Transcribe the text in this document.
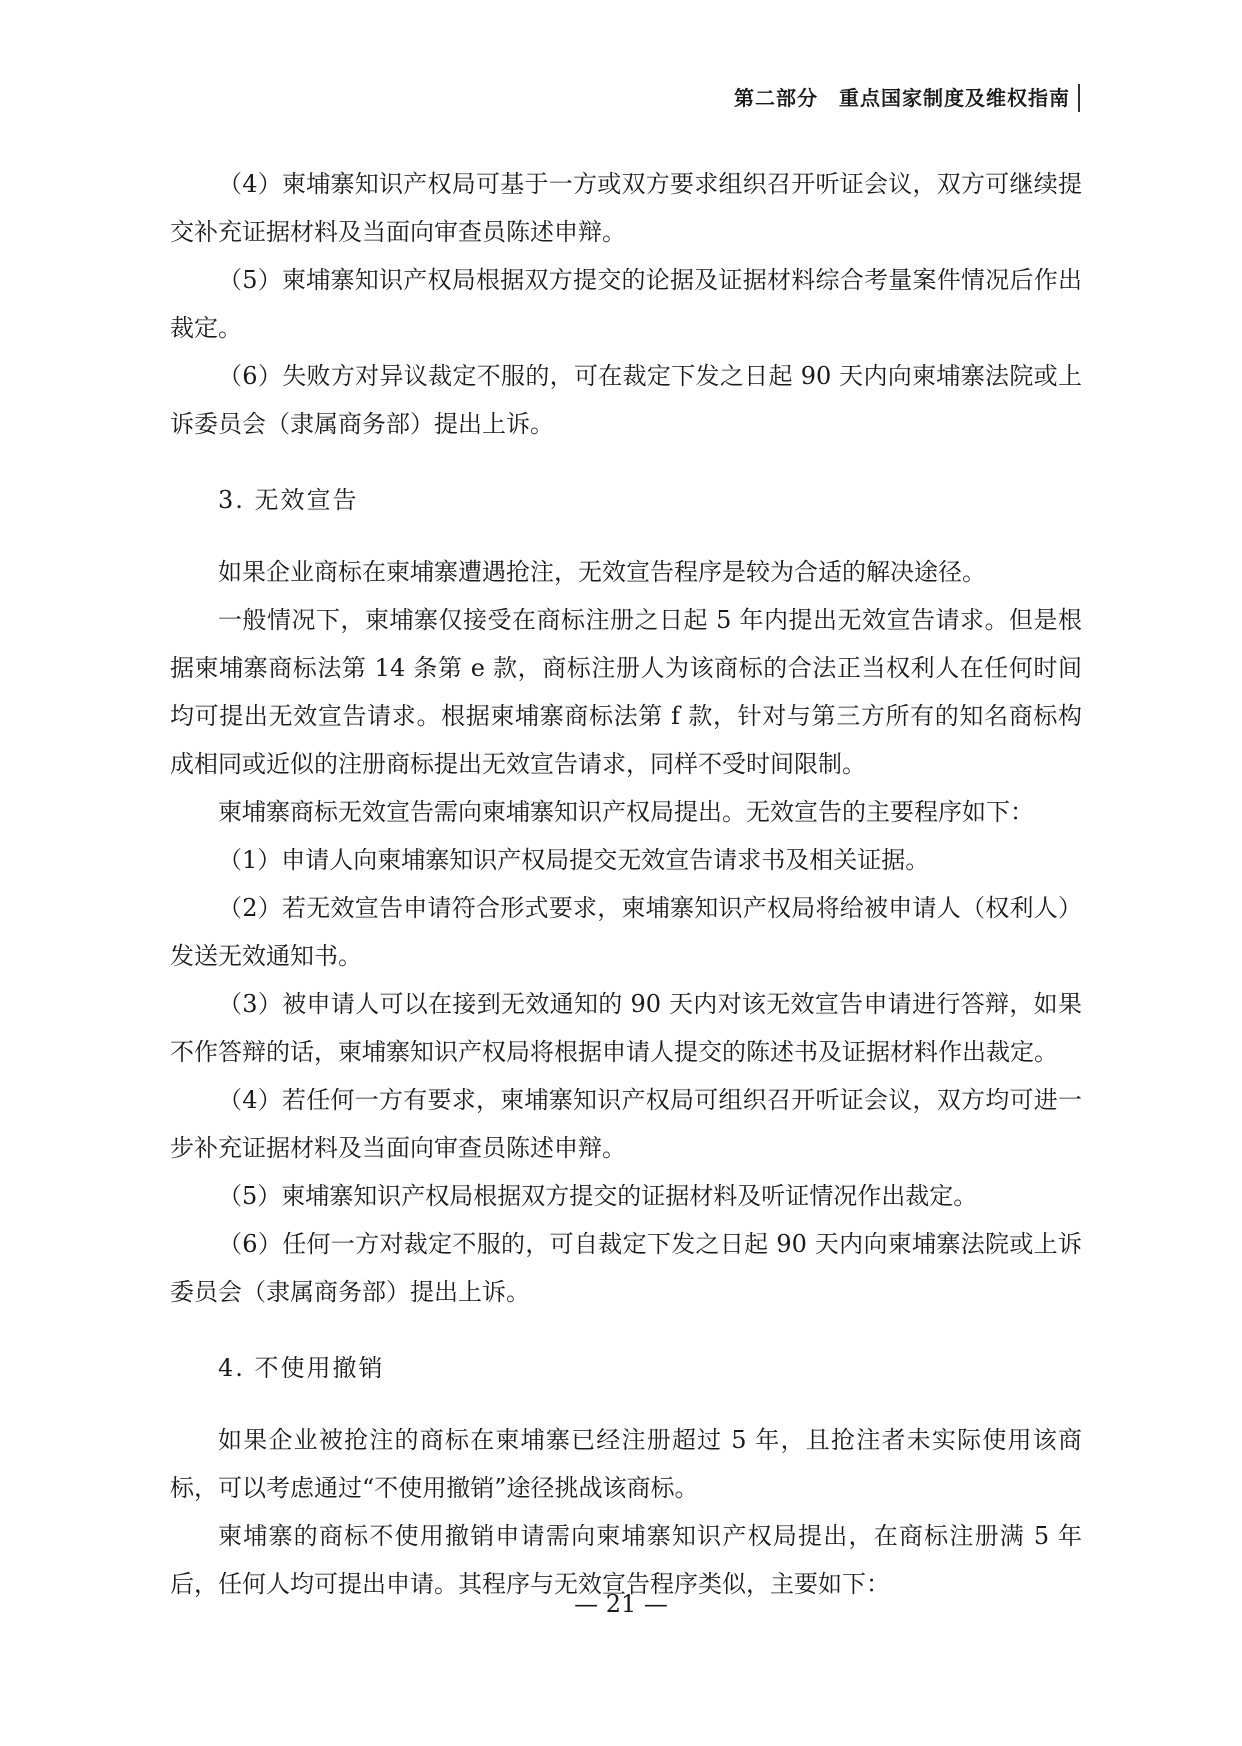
第二部分　重点国家制度及维权指南

（4）柬埔寨知识产权局可基于一方或双方要求组织召开听证会议，双方可继续提交补充证据材料及当面向审查员陈述申辩。

（5）柬埔寨知识产权局根据双方提交的论据及证据材料综合考量案件情况后作出裁定。

（6）失败方对异议裁定不服的，可在裁定下发之日起 90 天内向柬埔寨法院或上诉委员会（隶属商务部）提出上诉。

3. 无效宣告

如果企业商标在柬埔寨遭遇抢注，无效宣告程序是较为合适的解决途径。

一般情况下，柬埔寨仅接受在商标注册之日起 5 年内提出无效宣告请求。但是根据柬埔寨商标法第 14 条第 e 款，商标注册人为该商标的合法正当权利人在任何时间均可提出无效宣告请求。根据柬埔寨商标法第 f 款，针对与第三方所有的知名商标构成相同或近似的注册商标提出无效宣告请求，同样不受时间限制。

柬埔寨商标无效宣告需向柬埔寨知识产权局提出。无效宣告的主要程序如下：

（1）申请人向柬埔寨知识产权局提交无效宣告请求书及相关证据。

（2）若无效宣告申请符合形式要求，柬埔寨知识产权局将给被申请人（权利人）发送无效通知书。

（3）被申请人可以在接到无效通知的 90 天内对该无效宣告申请进行答辩，如果不作答辩的话，柬埔寨知识产权局将根据申请人提交的陈述书及证据材料作出裁定。

（4）若任何一方有要求，柬埔寨知识产权局可组织召开听证会议，双方均可进一步补充证据材料及当面向审查员陈述申辩。

（5）柬埔寨知识产权局根据双方提交的证据材料及听证情况作出裁定。

（6）任何一方对裁定不服的，可自裁定下发之日起 90 天内向柬埔寨法院或上诉委员会（隶属商务部）提出上诉。

4. 不使用撤销

如果企业被抢注的商标在柬埔寨已经注册超过 5 年，且抢注者未实际使用该商标，可以考虑通过“不使用撤销”途径挑战该商标。

柬埔寨的商标不使用撤销申请需向柬埔寨知识产权局提出，在商标注册满 5 年后，任何人均可提出申请。其程序与无效宣告程序类似，主要如下：

— 21 —
